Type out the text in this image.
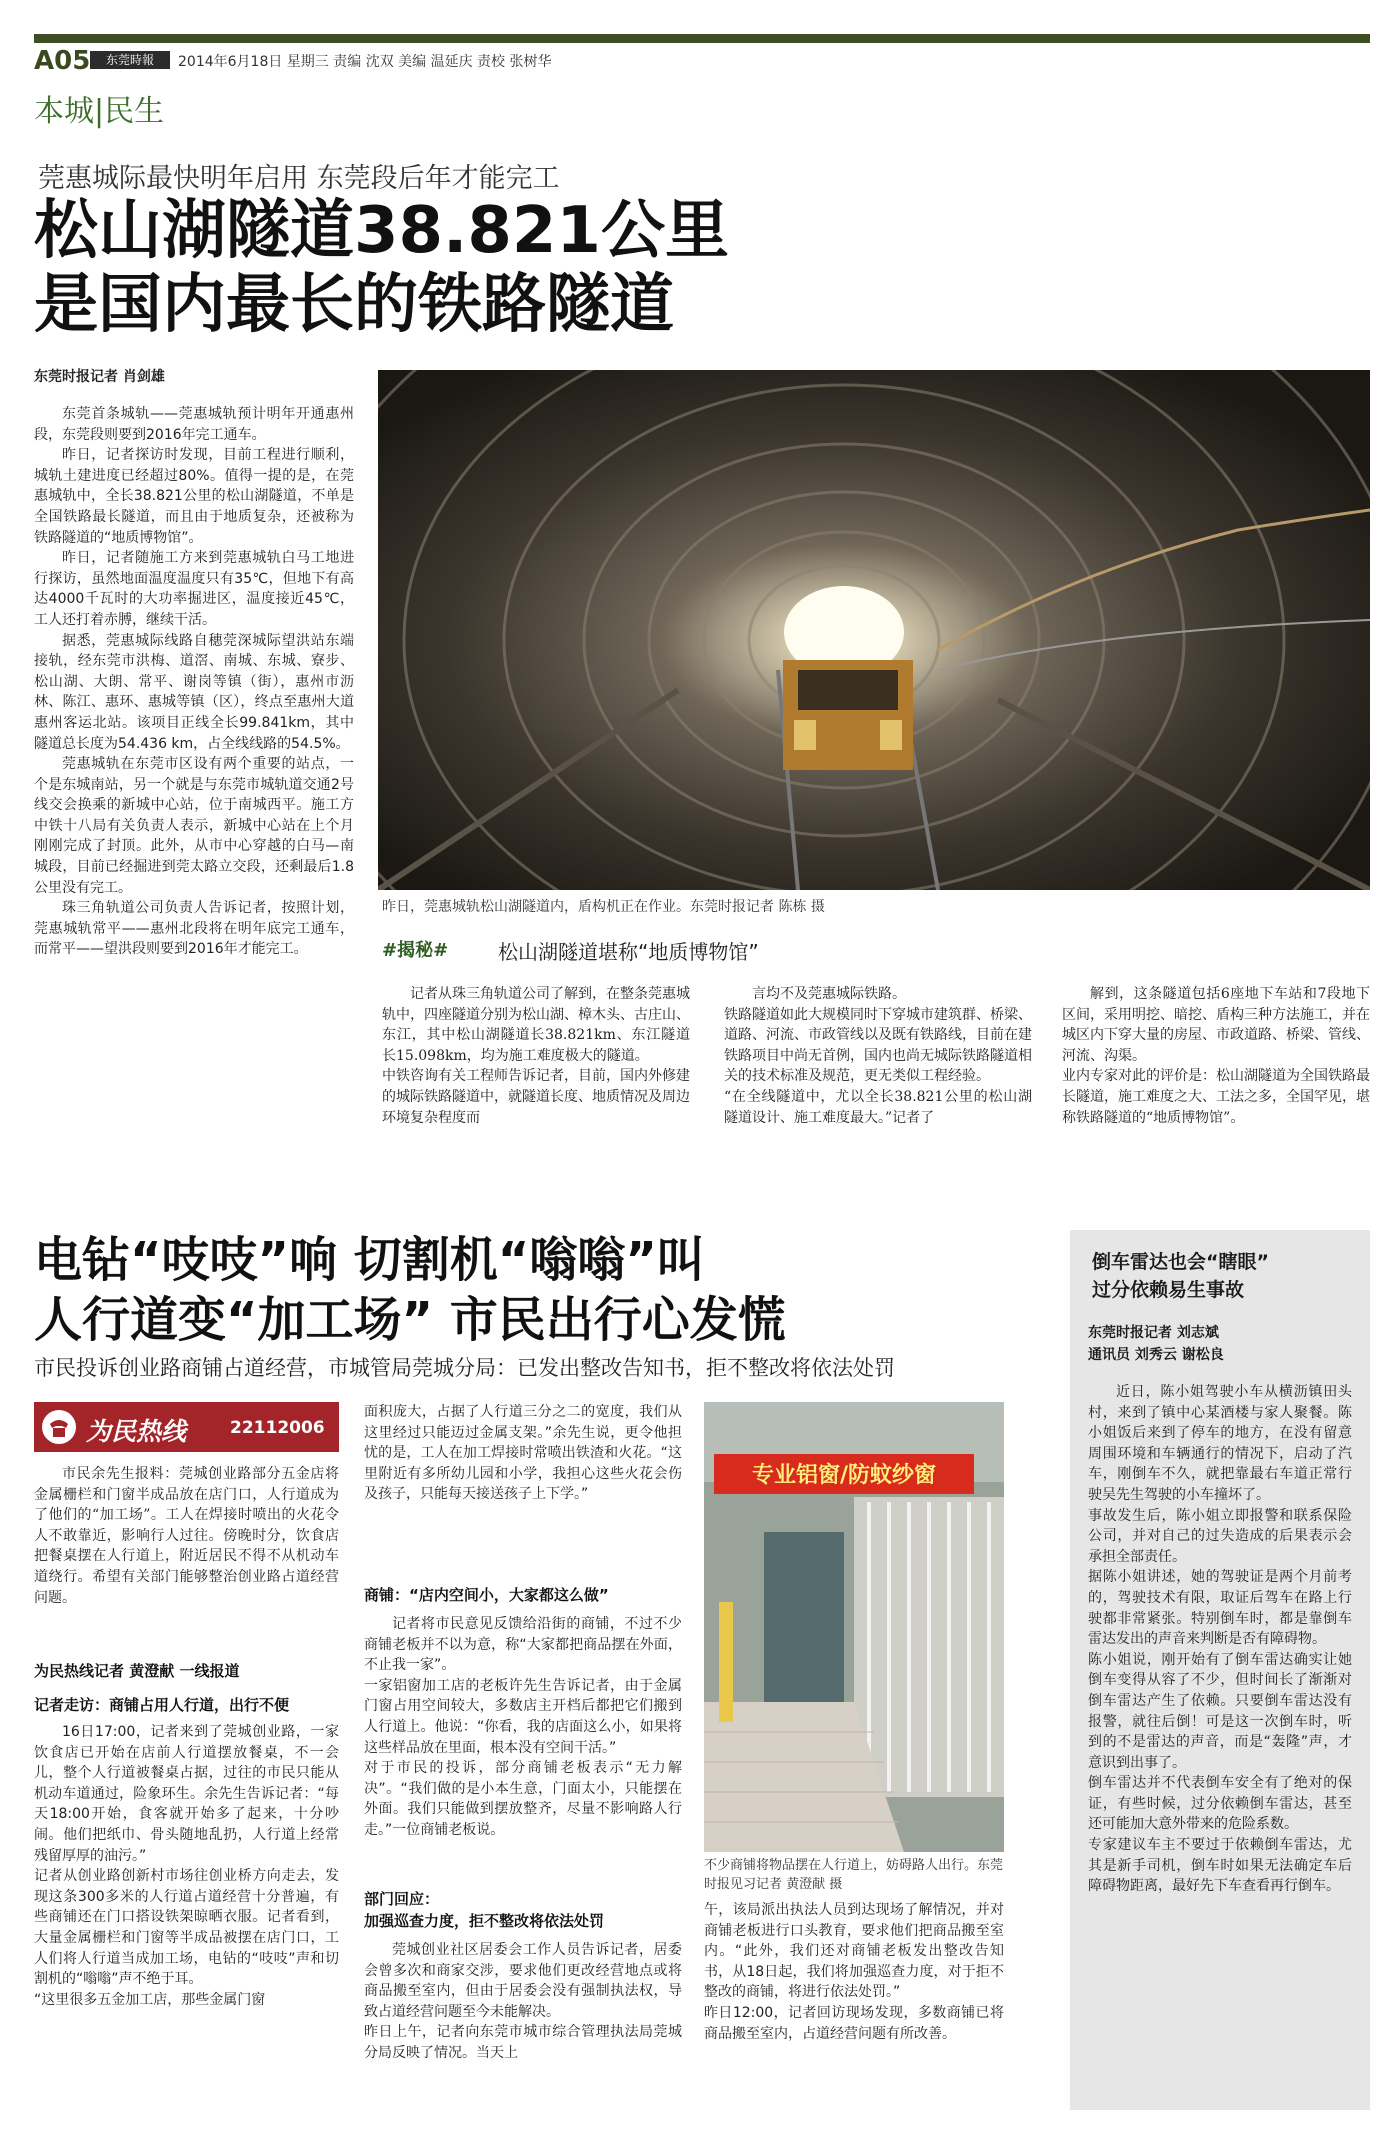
A05	东莞時報	2014年6月18日 星期三 责编 沈双 美编 温延庆 责校 张树华
本城|民生
莞惠城际最快明年启用 东莞段后年才能完工
松山湖隧道38.821公里
是国内最长的铁路隧道
东莞时报记者 肖剑雄

东莞首条城轨——莞惠城轨预计明年开通惠州段，东莞段则要到2016年完工通车。

昨日，记者探访时发现，目前工程进行顺利，城轨土建进度已经超过80%。值得一提的是，在莞惠城轨中，全长38.821公里的松山湖隧道，不单是全国铁路最长隧道，而且由于地质复杂，还被称为铁路隧道的“地质博物馆”。

昨日，记者随施工方来到莞惠城轨白马工地进行探访，虽然地面温度温度只有35℃，但地下有高达4000千瓦时的大功率掘进区，温度接近45℃，工人还打着赤膊，继续干活。

据悉，莞惠城际线路自穗莞深城际望洪站东端接轨，经东莞市洪梅、道滘、南城、东城、寮步、松山湖、大朗、常平、谢岗等镇（街），惠州市沥林、陈江、惠环、惠城等镇（区），终点至惠州大道惠州客运北站。该项目正线全长99.841km，其中隧道总长度为54.436 km，占全线线路的54.5%。

莞惠城轨在东莞市区设有两个重要的站点，一个是东城南站，另一个就是与东莞市城轨道交通2号线交会换乘的新城中心站，位于南城西平。施工方中铁十八局有关负责人表示，新城中心站在上个月刚刚完成了封顶。此外，从市中心穿越的白马—南城段，目前已经掘进到莞太路立交段，还剩最后1.8公里没有完工。

珠三角轨道公司负责人告诉记者，按照计划，莞惠城轨常平——惠州北段将在明年底完工通车，而常平——望洪段则要到2016年才能完工。

昨日，莞惠城轨松山湖隧道内，盾构机正在作业。东莞时报记者 陈栋 摄
#揭秘# 松山湖隧道堪称“地质博物馆”
记者从珠三角轨道公司了解到，在整条莞惠城轨中，四座隧道分别为松山湖、樟木头、古庄山、东江，其中松山湖隧道长38.821km、东江隧道长15.098km，均为施工难度极大的隧道。
中铁咨询有关工程师告诉记者，目前，国内外修建的城际铁路隧道中，就隧道长度、地质情况及周边环境复杂程度而
言均不及莞惠城际铁路。
铁路隧道如此大规模同时下穿城市建筑群、桥梁、道路、河流、市政管线以及既有铁路线，目前在建铁路项目中尚无首例，国内也尚无城际铁路隧道相关的技术标准及规范，更无类似工程经验。
“在全线隧道中，尤以全长38.821公里的松山湖隧道设计、施工难度最大。”记者了
解到，这条隧道包括6座地下车站和7段地下区间，采用明挖、暗挖、盾构三种方法施工，并在城区内下穿大量的房屋、市政道路、桥梁、管线、河流、沟渠。
业内专家对此的评价是：松山湖隧道为全国铁路最长隧道，施工难度之大、工法之多，全国罕见，堪称铁路隧道的“地质博物馆”。
电钻“吱吱”响 切割机“嗡嗡”叫
人行道变“加工场” 市民出行心发慌
市民投诉创业路商铺占道经营，市城管局莞城分局：已发出整改告知书，拒不整改将依法处罚
为民热线	22112006
市民余先生报料：莞城创业路部分五金店将金属栅栏和门窗半成品放在店门口，人行道成为了他们的“加工场”。工人在焊接时喷出的火花令人不敢靠近，影响行人过往。傍晚时分，饮食店把餐桌摆在人行道上，附近居民不得不从机动车道绕行。希望有关部门能够整治创业路占道经营问题。
为民热线记者 黄澄献 一线报道
记者走访：商铺占用人行道，出行不便
16日17:00，记者来到了莞城创业路，一家饮食店已开始在店前人行道摆放餐桌，不一会儿，整个人行道被餐桌占据，过往的市民只能从机动车道通过，险象环生。余先生告诉记者：“每天18:00开始，食客就开始多了起来，十分吵闹。他们把纸巾、骨头随地乱扔，人行道上经常残留厚厚的油污。”
记者从创业路创新村市场往创业桥方向走去，发现这条300多米的人行道占道经营十分普遍，有些商铺还在门口搭设铁架晾晒衣服。记者看到，大量金属栅栏和门窗等半成品被摆在店门口，工人们将人行道当成加工场，电钻的“吱吱”声和切割机的“嗡嗡”声不绝于耳。
“这里很多五金加工店，那些金属门窗
面积庞大，占据了人行道三分之二的宽度，我们从这里经过只能迈过金属支架。”余先生说，更令他担忧的是，工人在加工焊接时常喷出铁渣和火花。“这里附近有多所幼儿园和小学，我担心这些火花会伤及孩子，只能每天接送孩子上下学。”
商铺：“店内空间小，大家都这么做”
记者将市民意见反馈给沿街的商铺，不过不少商铺老板并不以为意，称“大家都把商品摆在外面，不止我一家”。
一家铝窗加工店的老板许先生告诉记者，由于金属门窗占用空间较大，多数店主开档后都把它们搬到人行道上。他说：“你看，我的店面这么小，如果将这些样品放在里面，根本没有空间干活。”
对于市民的投诉，部分商铺老板表示“无力解决”。“我们做的是小本生意，门面太小，只能摆在外面。我们只能做到摆放整齐，尽量不影响路人行走。”一位商铺老板说。
部门回应：
加强巡查力度，拒不整改将依法处罚
莞城创业社区居委会工作人员告诉记者，居委会曾多次和商家交涉，要求他们更改经营地点或将商品搬至室内，但由于居委会没有强制执法权，导致占道经营问题至今未能解决。
昨日上午，记者向东莞市城市综合管理执法局莞城分局反映了情况。当天上
专业铝窗/防蚊纱窗
不少商铺将物品摆在人行道上，妨碍路人出行。东莞时报见习记者 黄澄献 摄
午，该局派出执法人员到达现场了解情况，并对商铺老板进行口头教育，要求他们把商品搬至室内。“此外，我们还对商铺老板发出整改告知书，从18日起，我们将加强巡查力度，对于拒不整改的商铺，将进行依法处罚。”
昨日12:00，记者回访现场发现，多数商铺已将商品搬至室内，占道经营问题有所改善。
倒车雷达也会“瞎眼”
过分依赖易生事故
东莞时报记者 刘志斌
通讯员 刘秀云 谢松良
近日，陈小姐驾驶小车从横沥镇田头村，来到了镇中心某酒楼与家人聚餐。陈小姐饭后来到了停车的地方，在没有留意周围环境和车辆通行的情况下，启动了汽车，刚倒车不久，就把靠最右车道正常行驶吴先生驾驶的小车撞坏了。
事故发生后，陈小姐立即报警和联系保险公司，并对自己的过失造成的后果表示会承担全部责任。
据陈小姐讲述，她的驾驶证是两个月前考的，驾驶技术有限，取证后驾车在路上行驶都非常紧张。特别倒车时，都是靠倒车雷达发出的声音来判断是否有障碍物。
陈小姐说，刚开始有了倒车雷达确实让她倒车变得从容了不少，但时间长了渐渐对倒车雷达产生了依赖。只要倒车雷达没有报警，就往后倒！可是这一次倒车时，听到的不是雷达的声音，而是“轰隆”声，才意识到出事了。
倒车雷达并不代表倒车安全有了绝对的保证，有些时候，过分依赖倒车雷达，甚至还可能加大意外带来的危险系数。
专家建议车主不要过于依赖倒车雷达，尤其是新手司机，倒车时如果无法确定车后障碍物距离，最好先下车查看再行倒车。
